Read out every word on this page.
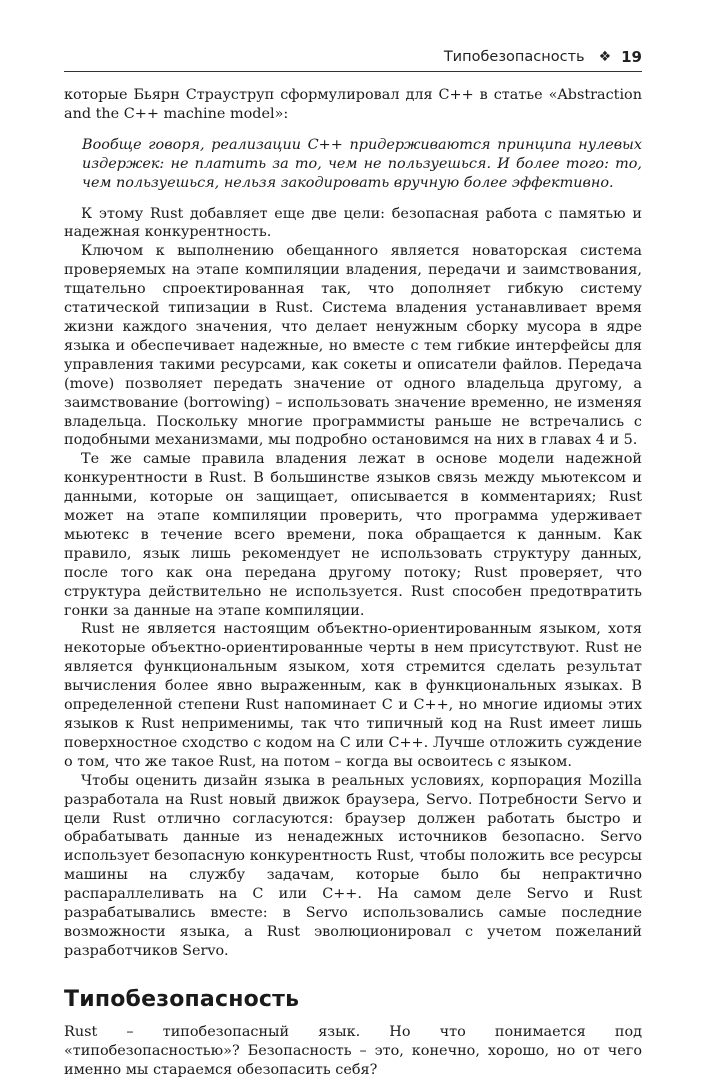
Типобезопасность ❖ 19

которые Бьярн Страуструп сформулировал для C++ в статье «Abstraction and the C++ machine model»:

Вообще говоря, реализации C++ придерживаются принципа нулевых издержек: не платить за то, чем не пользуешься. И более того: то, чем пользуешься, нельзя закодировать вручную более эффективно.

К этому Rust добавляет еще две цели: безопасная работа с памятью и надежная конкурентность.

Ключом к выполнению обещанного является новаторская система проверяемых на этапе компиляции владения, передачи и заимствования, тщательно спроектированная так, что дополняет гибкую систему статической типизации в Rust. Система владения устанавливает время жизни каждого значения, что делает ненужным сборку мусора в ядре языка и обеспечивает надежные, но вместе с тем гибкие интерфейсы для управления такими ресурсами, как сокеты и описатели файлов. Передача (move) позволяет передать значение от одного владельца другому, а заимствование (borrowing) – использовать значение временно, не изменяя владельца. Поскольку многие программисты раньше не встречались с подобными механизмами, мы подробно остановимся на них в главах 4 и 5.

Те же самые правила владения лежат в основе модели надежной конкурентности в Rust. В большинстве языков связь между мьютексом и данными, которые он защищает, описывается в комментариях; Rust может на этапе компиляции проверить, что программа удерживает мьютекс в течение всего времени, пока обращается к данным. Как правило, язык лишь рекомендует не использовать структуру данных, после того как она передана другому потоку; Rust проверяет, что структура действительно не используется. Rust способен предотвратить гонки за данные на этапе компиляции.

Rust не является настоящим объектно-ориентированным языком, хотя некоторые объектно-ориентированные черты в нем присутствуют. Rust не является функциональным языком, хотя стремится сделать результат вычисления более явно выраженным, как в функциональных языках. В определенной степени Rust напоминает C и C++, но многие идиомы этих языков к Rust неприменимы, так что типичный код на Rust имеет лишь поверхностное сходство с кодом на C или C++. Лучше отложить суждение о том, что же такое Rust, на потом – когда вы освоитесь с языком.

Чтобы оценить дизайн языка в реальных условиях, корпорация Mozilla разработала на Rust новый движок браузера, Servo. Потребности Servo и цели Rust отлично согласуются: браузер должен работать быстро и обрабатывать данные из ненадежных источников безопасно. Servo использует безопасную конкурентность Rust, чтобы положить все ресурсы машины на службу задачам, которые было бы непрактично распараллеливать на C или C++. На самом деле Servo и Rust разрабатывались вместе: в Servo использовались самые последние возможности языка, а Rust эволюционировал с учетом пожеланий разработчиков Servo.

Типобезопасность

Rust – типобезопасный язык. Но что понимается под «типобезопасностью»? Безопасность – это, конечно, хорошо, но от чего именно мы стараемся обезопасить себя?
